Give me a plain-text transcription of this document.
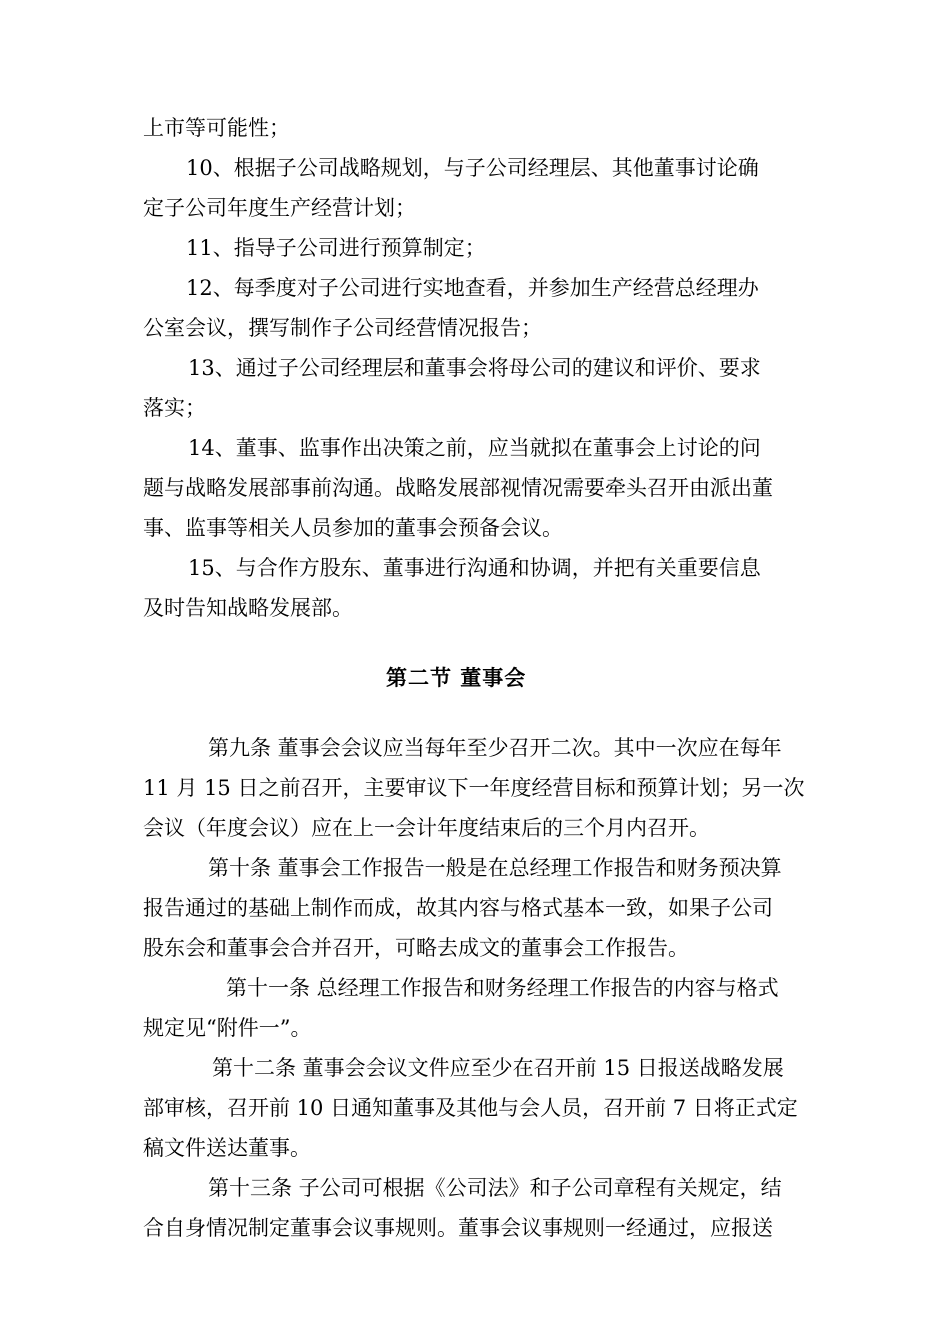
上市等可能性；
10、根据子公司战略规划，与子公司经理层、其他董事讨论确
定子公司年度生产经营计划；
11、指导子公司进行预算制定；
12、每季度对子公司进行实地查看，并参加生产经营总经理办
公室会议，撰写制作子公司经营情况报告；
13、通过子公司经理层和董事会将母公司的建议和评价、要求
落实；
14、董事、监事作出决策之前，应当就拟在董事会上讨论的问
题与战略发展部事前沟通。战略发展部视情况需要牵头召开由派出董
事、监事等相关人员参加的董事会预备会议。
15、与合作方股东、董事进行沟通和协调，并把有关重要信息
及时告知战略发展部。
第二节 董事会
第九条 董事会会议应当每年至少召开二次。其中一次应在每年
11 月 15 日之前召开，主要审议下一年度经营目标和预算计划；另一次
会议（年度会议）应在上一会计年度结束后的三个月内召开。
第十条 董事会工作报告一般是在总经理工作报告和财务预决算
报告通过的基础上制作而成，故其内容与格式基本一致，如果子公司
股东会和董事会合并召开，可略去成文的董事会工作报告。
第十一条 总经理工作报告和财务经理工作报告的内容与格式
规定见“附件一”。
第十二条 董事会会议文件应至少在召开前 15 日报送战略发展
部审核，召开前 10 日通知董事及其他与会人员，召开前 7 日将正式定
稿文件送达董事。
第十三条 子公司可根据《公司法》和子公司章程有关规定，结
合自身情况制定董事会议事规则。董事会议事规则一经通过，应报送
